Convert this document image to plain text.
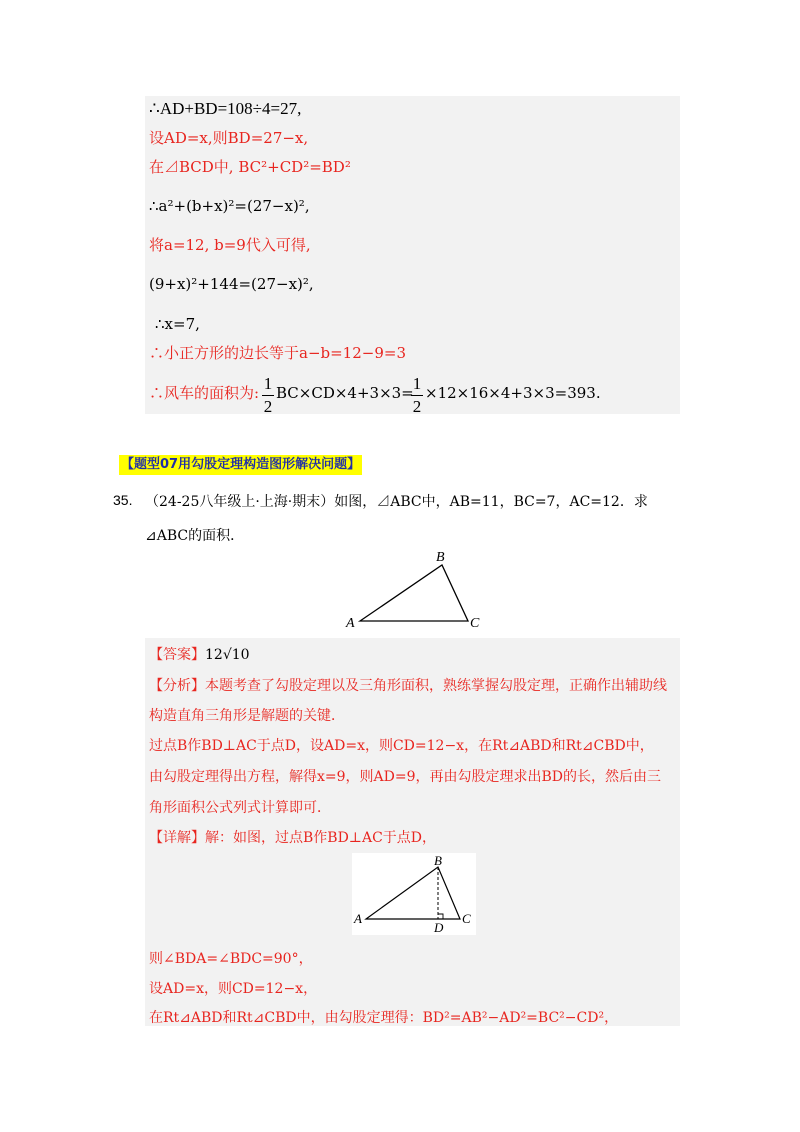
∴AD+BD=108÷4=27,
设AD=x,则BD=27−x,
在⊿BCD中, BC²+CD²=BD²
∴a²+(b+x)²=(27−x)²,
将a=12, b=9代入可得,
(9+x)²+144=(27−x)²,
∴x=7,
∴小正方形的边长等于a−b=12−9=3
∴风车的面积为: 1
2
BC×CD×4+3×3=
1
2
×12×16×4+3×3=393.
【题型07用勾股定理构造图形解决问题】
35. （24-25八年级上·上海·期末）如图，⊿ABC中，AB=11，BC=7，AC=12．求
⊿ABC的面积．
A
B
C
【答案】12√10
【分析】本题考查了勾股定理以及三角形面积，熟练掌握勾股定理，正确作出辅助线
构造直角三角形是解题的关键．
过点B作BD⊥AC于点D，设AD=x，则CD=12−x，在Rt⊿ABD和Rt⊿CBD中，
由勾股定理得出方程，解得x=9，则AD=9，再由勾股定理求出BD的长，然后由三
角形面积公式列式计算即可．
【详解】解：如图，过点B作BD⊥AC于点D，
A
B
C
D
则∠BDA=∠BDC=90°，
设AD=x，则CD=12−x，
在Rt⊿ABD和Rt⊿CBD中，由勾股定理得：BD²=AB²−AD²=BC²−CD²，
